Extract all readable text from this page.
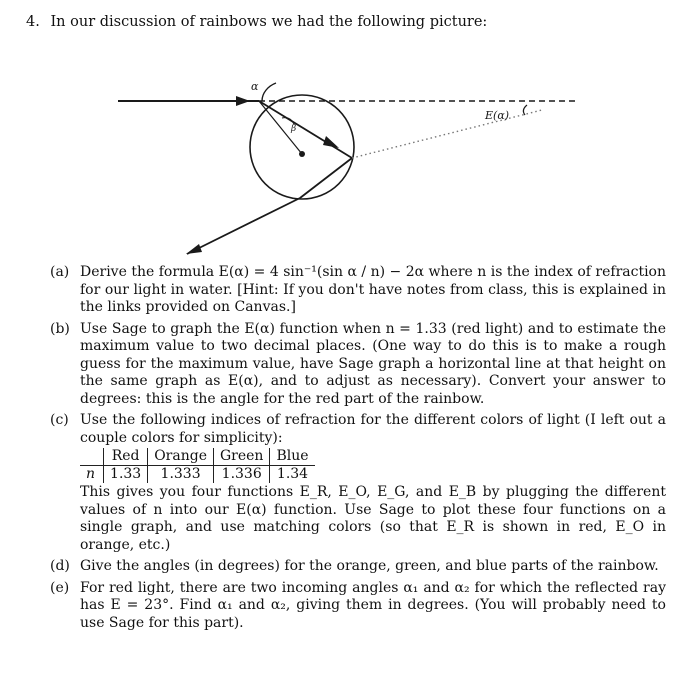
4. In our discussion of rainbows we had the following picture:
α
β
E(α)
(a) Derive the formula E(α) = 4 sin⁻¹(sin α / n) − 2α where n is the index of refraction for our light in water. [Hint: If you don't have notes from class, this is explained in the links provided on Canvas.]

(b) Use Sage to graph the E(α) function when n = 1.33 (red light) and to estimate the maximum value to two decimal places. (One way to do this is to make a rough guess for the maximum value, have Sage graph a horizontal line at that height on the same graph as E(α), and to adjust as necessary). Convert your answer to degrees: this is the angle for the red part of the rainbow.

(c) Use the following indices of refraction for the different colors of light (I left out a couple colors for simplicity):

	Red	Orange	Green	Blue
n	1.33	1.333	1.336	1.34

This gives you four functions E_R, E_O, E_G, and E_B by plugging the different values of n into our E(α) function. Use Sage to plot these four functions on a single graph, and use matching colors (so that E_R is shown in red, E_O in orange, etc.)

(d) Give the angles (in degrees) for the orange, green, and blue parts of the rainbow.

(e) For red light, there are two incoming angles α₁ and α₂ for which the reflected ray has E = 23°. Find α₁ and α₂, giving them in degrees. (You will probably need to use Sage for this part).
